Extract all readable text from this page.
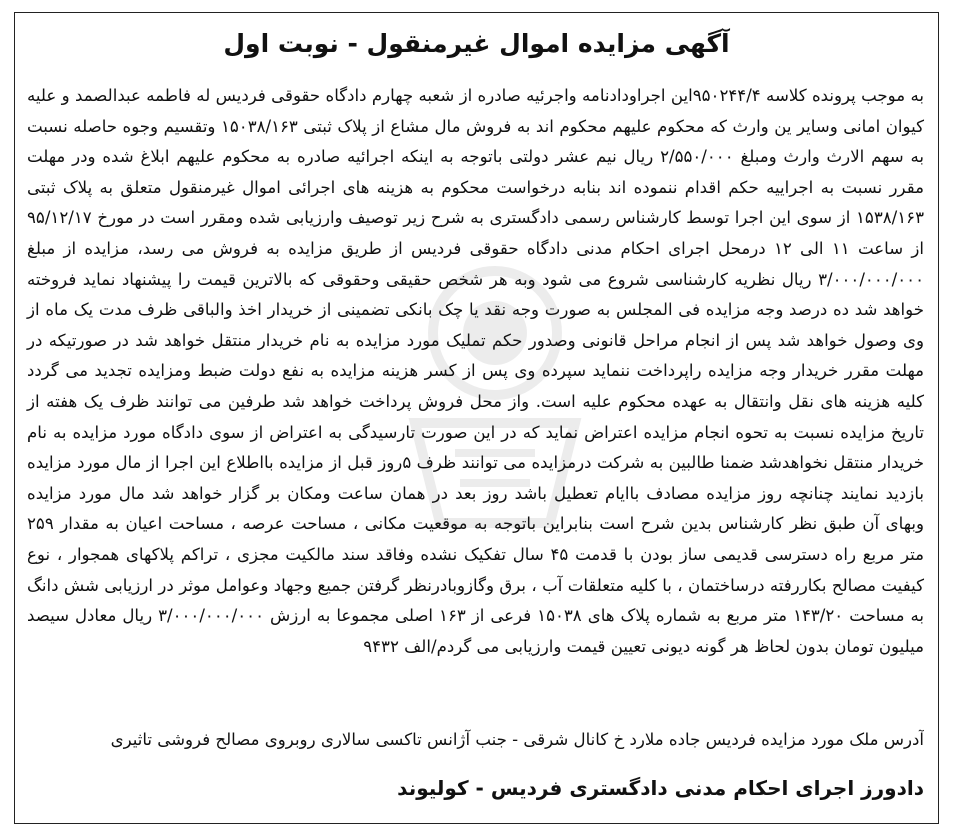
آگهی مزایده اموال غیرمنقول - نوبت اول

به موجب پرونده کلاسه ۹۵۰۲۴۴/۴این اجراودادنامه واجرئیه صادره از شعبه چهارم دادگاه حقوقی فردیس له فاطمه عبدالصمد و علیه کیوان امانی وسایر ین وارث که محکوم علیهم محکوم اند به فروش مال مشاع از پلاک ثبتی ۱۵۰۳۸/۱۶۳ وتقسیم وجوه حاصله نسبت به سهم الارث وارث ومبلغ ۲/۵۵۰/۰۰۰ ریال نیم عشر دولتی باتوجه به اینکه اجرائیه صادره به محکوم علیهم ابلاغ شده ودر مهلت مقرر نسبت به اجراییه حکم اقدام ننموده اند بنابه درخواست محکوم به هزینه های اجرائی اموال غیرمنقول متعلق به پلاک ثبتی ۱۵۳۸/۱۶۳ از سوی این اجرا توسط کارشناس رسمی دادگستری به شرح زیر توصیف وارزیابی شده ومقرر است در مورخ ۹۵/۱۲/۱۷ از ساعت ۱۱ الی ۱۲ درمحل اجرای احکام مدنی دادگاه حقوقی فردیس از طریق مزایده به فروش می رسد، مزایده از مبلغ ۳/۰۰۰/۰۰۰/۰۰۰ ریال نظریه کارشناسی شروع می شود وبه هر شخص حقیقی وحقوقی که بالاترین قیمت را پیشنهاد نماید فروخته خواهد شد ده درصد وجه مزایده فی المجلس به صورت وجه نقد یا چک بانکی تضمینی از خریدار اخذ والباقی ظرف مدت یک ماه از وی وصول خواهد شد پس از انجام مراحل قانونی وصدور حکم تملیک مورد مزایده به نام خریدار منتقل خواهد شد در صورتیکه در مهلت مقرر خریدار وجه مزایده راپرداخت ننماید سپرده وی پس از کسر هزینه مزایده به نفع دولت ضبط ومزایده تجدید می گردد کلیه هزینه های نقل وانتقال به عهده محکوم علیه است. واز محل فروش پرداخت خواهد شد طرفین می توانند ظرف یک هفته از تاریخ مزایده نسبت به تحوه انجام مزایده اعتراض نماید که در این صورت تارسیدگی به اعتراض از سوی دادگاه مورد مزایده به نام خریدار منتقل نخواهدشد ضمنا طالبین به شرکت درمزایده می توانند ظرف ۵روز قبل از مزایده بااطلاع این اجرا از مال مورد مزایده بازدید نمایند چنانچه روز مزایده مصادف باایام تعطیل باشد روز بعد در همان ساعت ومکان بر گزار خواهد شد مال مورد مزایده وبهای آن طبق نظر کارشناس بدین شرح است بنابراین باتوجه به موقعیت مکانی ، مساحت عرصه ، مساحت اعیان به مقدار ۲۵۹ متر مربع راه دسترسی قدیمی ساز بودن با قدمت ۴۵ سال تفکیک نشده وفاقد سند مالکیت مجزی ، تراکم پلاکهای همجوار ، نوع کیفیت مصالح بکاررفته درساختمان ، با کلیه متعلقات آب ، برق وگازوبادرنظر گرفتن جمیع وجهاد وعوامل موثر در ارزیابی شش دانگ به مساحت ۱۴۳/۲۰ متر مربع به شماره پلاک های ۱۵۰۳۸ فرعی از ۱۶۳ اصلی مجموعا به ارزش ۳/۰۰۰/۰۰۰/۰۰۰ ریال معادل سیصد میلیون تومان بدون لحاظ هر گونه دیونی تعیین قیمت وارزیابی می گردم/الف ۹۴۳۲

آدرس ملک مورد مزایده فردیس جاده ملارد خ کانال شرقی - جنب آژانس تاکسی سالاری روبروی مصالح فروشی تاثیری
دادورز اجرای احکام مدنی دادگستری فردیس - کولیوند
